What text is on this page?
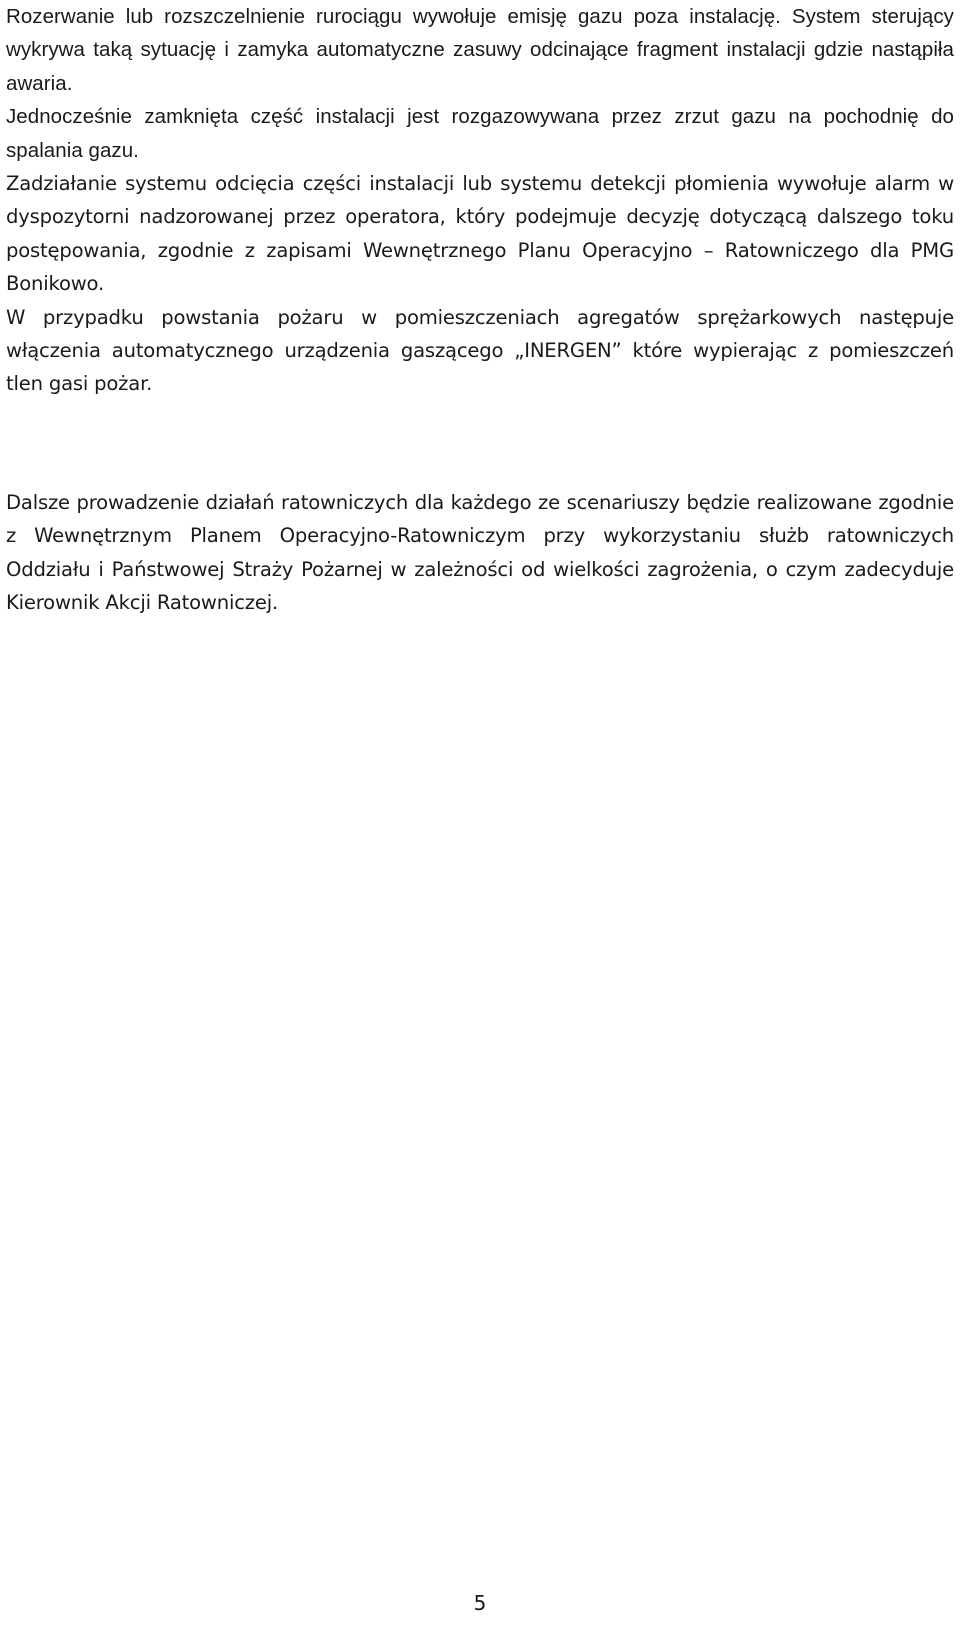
Rozerwanie lub rozszczelnienie rurociągu wywołuje emisję gazu poza instalację. System sterujący wykrywa taką sytuację i zamyka automatyczne zasuwy odcinające fragment instalacji gdzie nastąpiła awaria.

Jednocześnie zamknięta część instalacji jest rozgazowywana przez zrzut gazu na pochodnię do spalania gazu.

Zadziałanie systemu odcięcia części instalacji lub systemu detekcji płomienia wywołuje alarm w dyspozytorni nadzorowanej przez operatora, który podejmuje decyzję dotyczącą dalszego toku postępowania, zgodnie z zapisami Wewnętrznego Planu Operacyjno – Ratowniczego dla PMG Bonikowo.

W przypadku powstania pożaru w pomieszczeniach agregatów sprężarkowych następuje włączenia automatycznego urządzenia gaszącego „INERGEN” które wypierając z pomieszczeń tlen gasi pożar.

Dalsze prowadzenie działań ratowniczych dla każdego ze scenariuszy będzie realizowane zgodnie z Wewnętrznym Planem Operacyjno-Ratowniczym przy wykorzystaniu służb ratowniczych Oddziału i Państwowej Straży Pożarnej w zależności od wielkości zagrożenia, o czym zadecyduje Kierownik Akcji Ratowniczej.

5
